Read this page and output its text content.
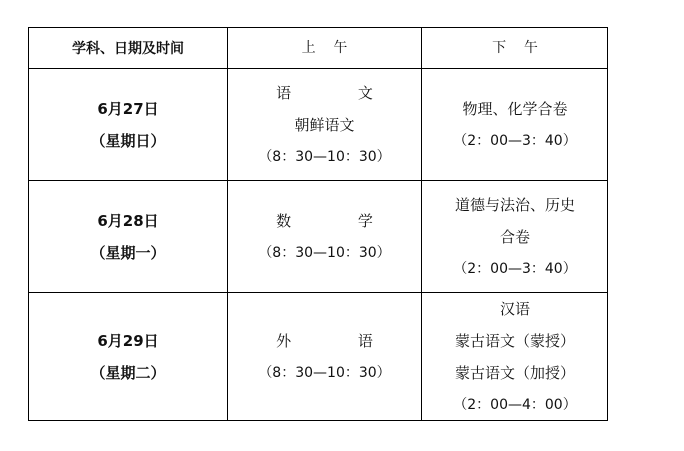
学科、日期及时间	上    午	下    午
6月27日
（星期日）
语              文
朝鲜语文
（8：30—10：30）
物理、化学合卷
（2：00—3：40）
6月28日
（星期一）
数              学
（8：30—10：30）
道德与法治、历史
合卷
（2：00—3：40）
6月29日
（星期二）
外              语
（8：30—10：30）
汉语
蒙古语文（蒙授）
蒙古语文（加授）
（2：00—4：00）
